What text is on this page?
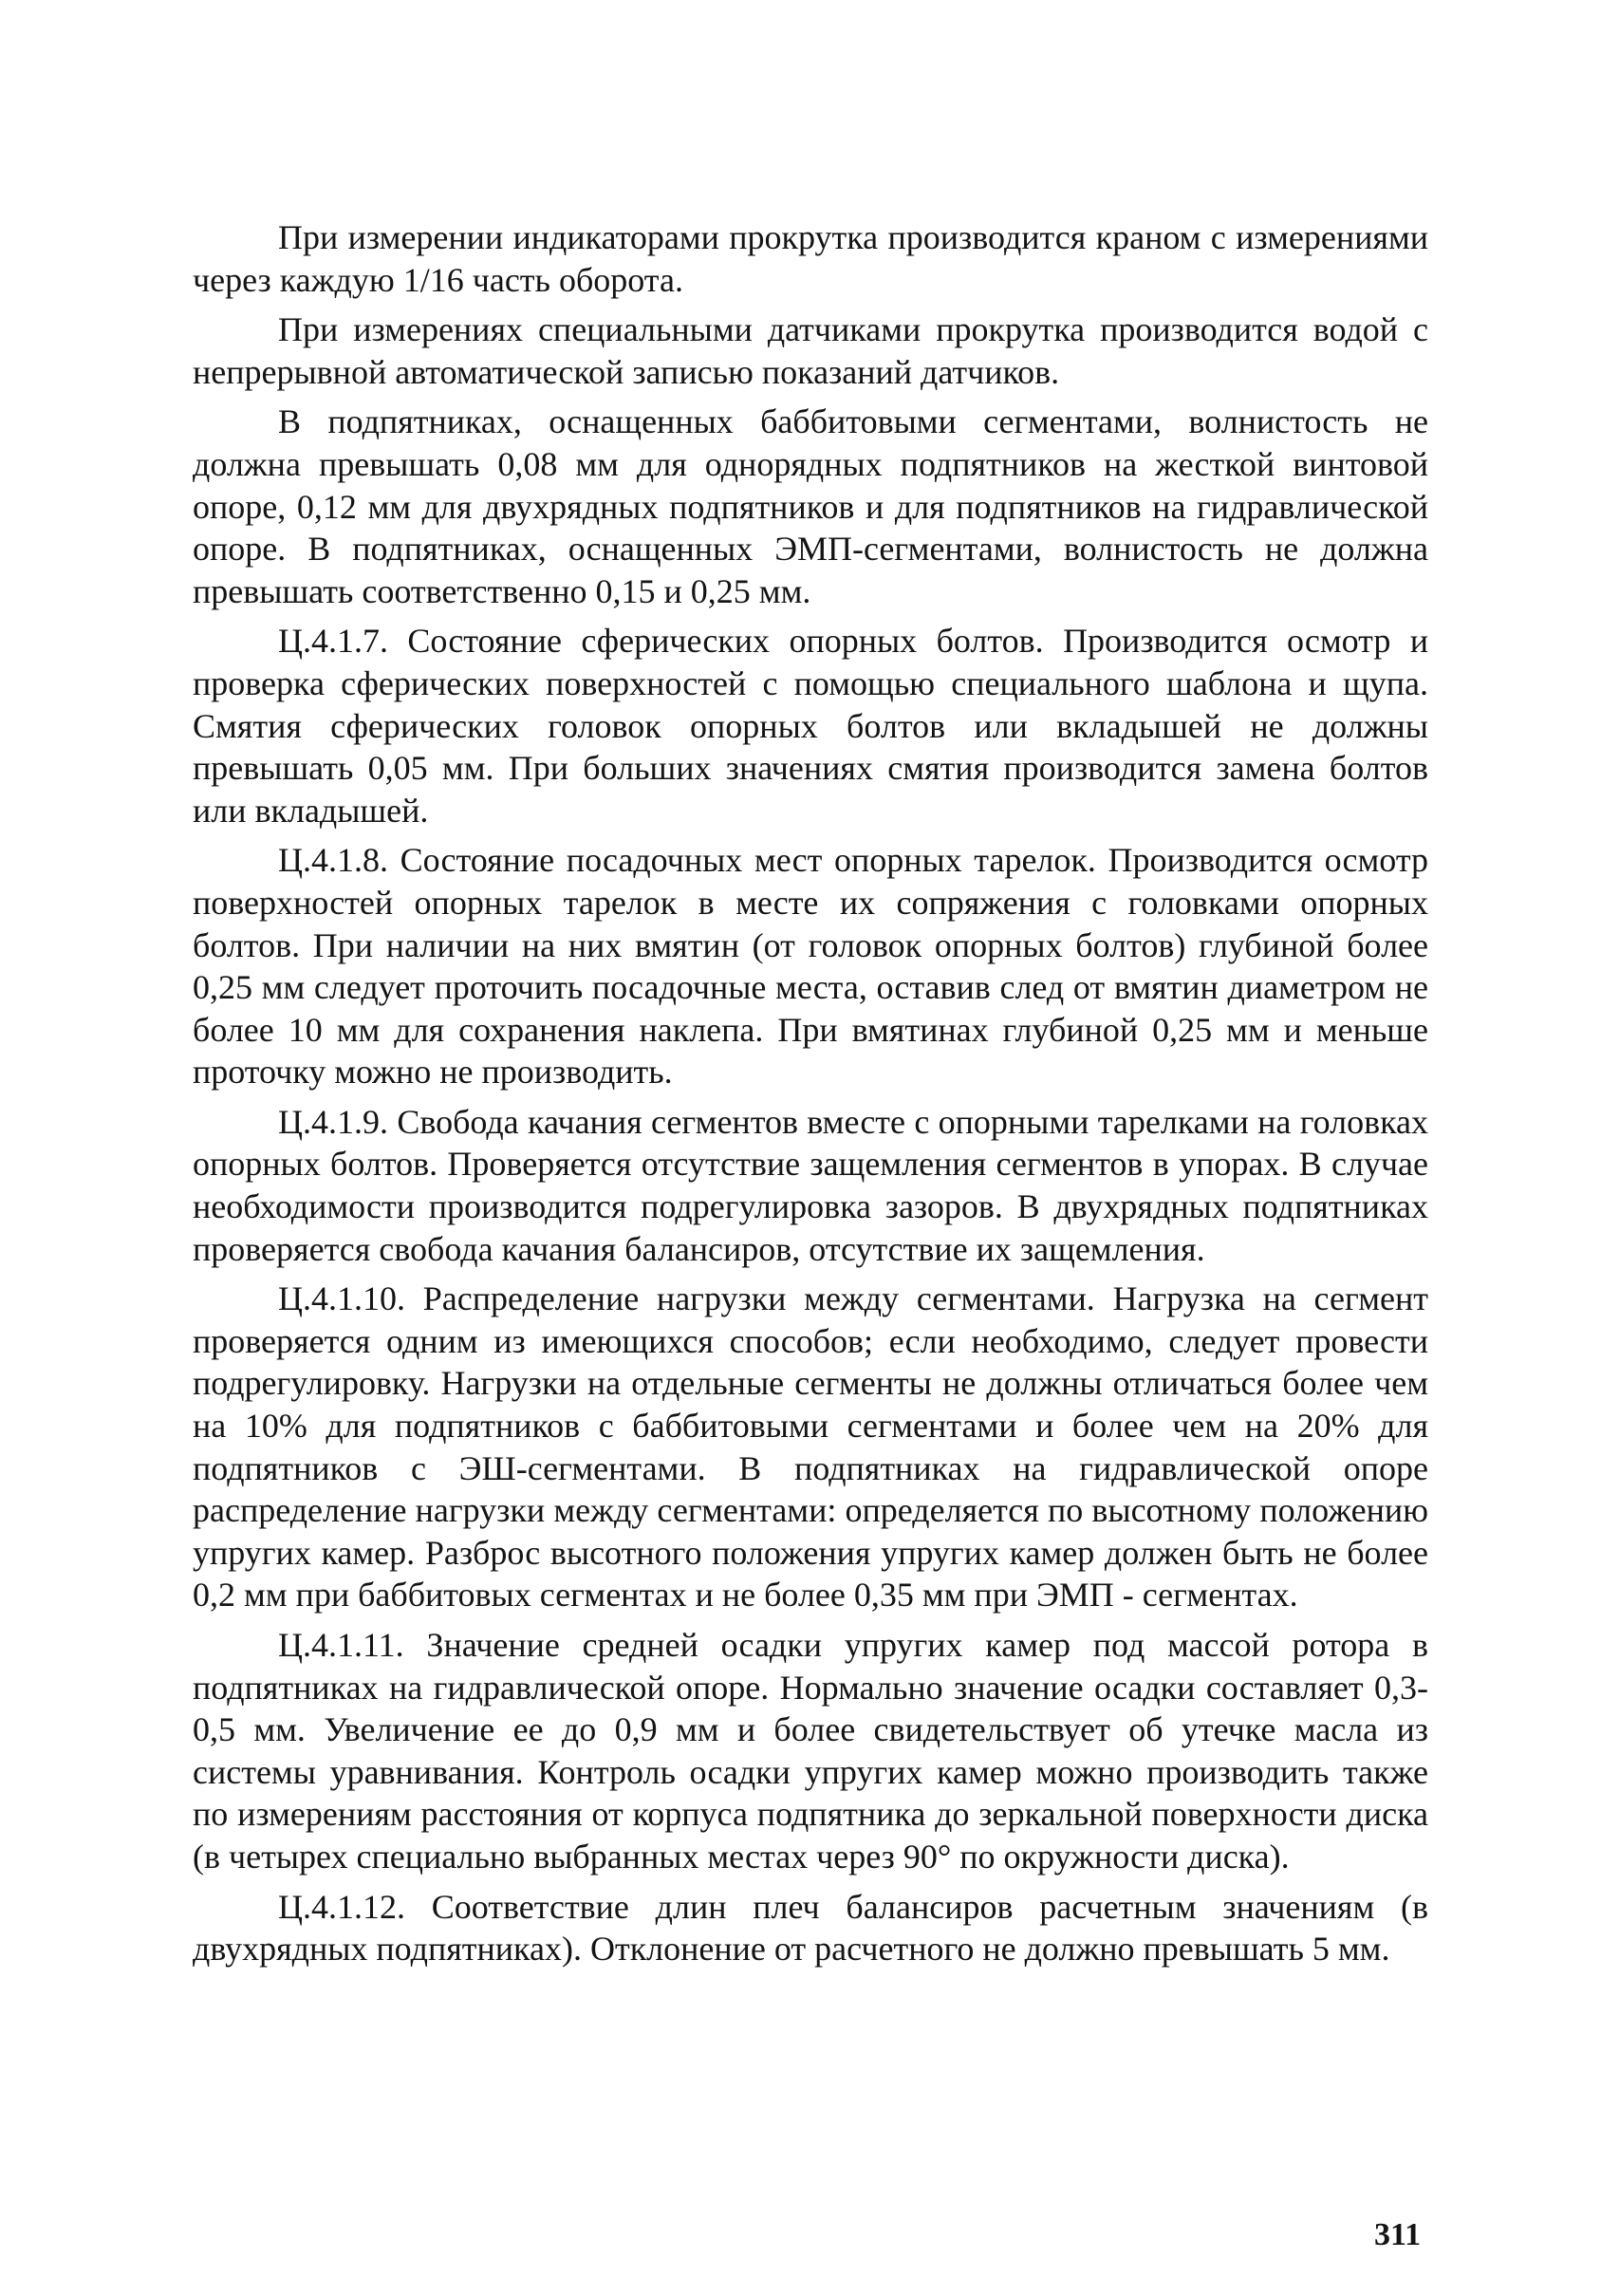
При измерении индикаторами прокрутка производится краном с измерениями через каждую 1/16 часть оборота.

При измерениях специальными датчиками прокрутка производится водой с непрерывной автоматической записью показаний датчиков.

В подпятниках, оснащенных баббитовыми сегментами, волнистость не должна превышать 0,08 мм для однорядных подпятников на жесткой винтовой опоре, 0,12 мм для двухрядных подпятников и для подпятников на гидравлической опоре. В подпятниках, оснащенных ЭМП-сегментами, волнистость не должна превышать соответственно 0,15 и 0,25 мм.

Ц.4.1.7. Состояние сферических опорных болтов. Производится осмотр и проверка сферических поверхностей с помощью специального шаблона и щупа. Смятия сферических головок опорных болтов или вкладышей не должны превышать 0,05 мм. При больших значениях смятия производится замена болтов или вкладышей.

Ц.4.1.8. Состояние посадочных мест опорных тарелок. Производится осмотр поверхностей опорных тарелок в месте их сопряжения с головками опорных болтов. При наличии на них вмятин (от головок опорных болтов) глубиной более 0,25 мм следует проточить посадочные места, оставив след от вмятин диаметром не более 10 мм для сохранения наклепа. При вмятинах глубиной 0,25 мм и меньше проточку можно не производить.

Ц.4.1.9. Свобода качания сегментов вместе с опорными тарелками на головках опорных болтов. Проверяется отсутствие защемления сегментов в упорах. В случае необходимости производится подрегулировка зазоров. В двухрядных подпятниках проверяется свобода качания балансиров, отсутствие их защемления.

Ц.4.1.10. Распределение нагрузки между сегментами. Нагрузка на сегмент проверяется одним из имеющихся способов; если необходимо, следует провести подрегулировку. Нагрузки на отдельные сегменты не должны отличаться более чем на 10% для подпятников с баббитовыми сегментами и более чем на 20% для подпятников с ЭШ-сегментами. В подпятниках на гидравлической опоре распределение нагрузки между сегментами: определяется по высотному положению упругих камер. Разброс высотного положения упругих камер должен быть не более 0,2 мм при баббитовых сегментах и не более 0,35 мм при ЭМП - сегментах.

Ц.4.1.11. Значение средней осадки упругих камер под массой ротора в подпятниках на гидравлической опоре. Нормально значение осадки составляет 0,3-0,5 мм. Увеличение ее до 0,9 мм и более свидетельствует об утечке масла из системы уравнивания. Контроль осадки упругих камер можно производить также по измерениям расстояния от корпуса подпятника до зеркальной поверхности диска (в четырех специально выбранных местах через 90° по окружности диска).

Ц.4.1.12. Соответствие длин плеч балансиров расчетным значениям (в двухрядных подпятниках). Отклонение от расчетного не должно превышать 5 мм.

311
